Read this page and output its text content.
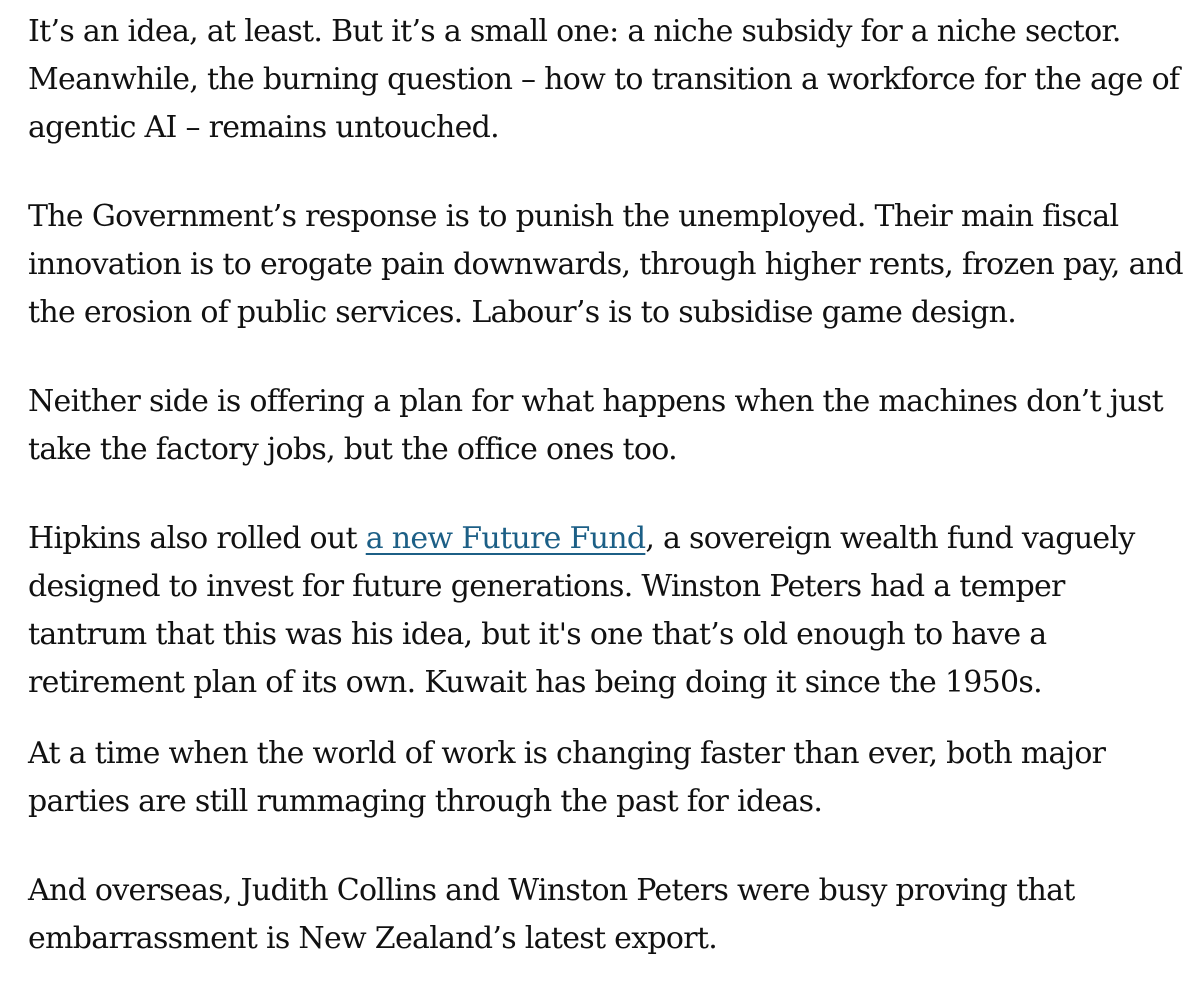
It’s an idea, at least. But it’s a small one: a niche subsidy for a niche sector. Meanwhile, the burning question – how to transition a workforce for the age of agentic AI – remains untouched.

The Government’s response is to punish the unemployed. Their main fiscal innovation is to erogate pain downwards, through higher rents, frozen pay, and the erosion of public services. Labour’s is to subsidise game design.

Neither side is offering a plan for what happens when the machines don’t just take the factory jobs, but the office ones too.

Hipkins also rolled out a new Future Fund, a sovereign wealth fund vaguely designed to invest for future generations. Winston Peters had a temper tantrum that this was his idea, but it's one that’s old enough to have a retirement plan of its own. Kuwait has being doing it since the 1950s.

At a time when the world of work is changing faster than ever, both major parties are still rummaging through the past for ideas.

And overseas, Judith Collins and Winston Peters were busy proving that embarrassment is New Zealand’s latest export.
